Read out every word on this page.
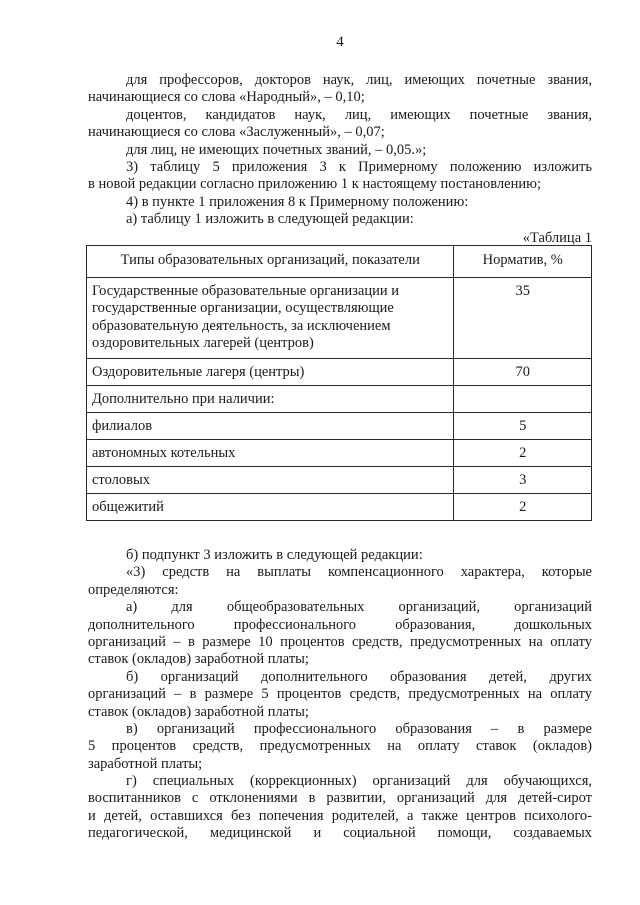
4
для профессоров, докторов наук, лиц, имеющих почетные звания,
начинающиеся со слова «Народный», – 0,10;
доцентов, кандидатов наук, лиц, имеющих почетные звания,
начинающиеся со слова «Заслуженный», – 0,07;
для лиц, не имеющих почетных званий, – 0,05.»;
3) таблицу 5 приложения 3 к Примерному положению изложить
в новой редакции согласно приложению 1 к настоящему постановлению;
4) в пункте 1 приложения 8 к Примерному положению:
а) таблицу 1 изложить в следующей редакции:
«Таблица 1
Типы образовательных организаций, показатели	Норматив, %

Государственные образовательные организации и
государственные организации, осуществляющие
образовательную деятельность, за исключением
оздоровительных лагерей (центров)	35

Оздоровительные лагеря (центры)	70

Дополнительно при наличии:	

филиалов	5

автономных котельных	2

столовых	3

общежитий	2
б) подпункт 3 изложить в следующей редакции:
«3) средств на выплаты компенсационного характера, которые
определяются:
а) для общеобразовательных организаций, организаций
дополнительного профессионального образования, дошкольных
организаций – в размере 10 процентов средств, предусмотренных на оплату
ставок (окладов) заработной платы;
б) организаций дополнительного образования детей, других
организаций – в размере 5 процентов средств, предусмотренных на оплату
ставок (окладов) заработной платы;
в) организаций профессионального образования – в размере
5 процентов средств, предусмотренных на оплату ставок (окладов)
заработной платы;
г) специальных (коррекционных) организаций для обучающихся,
воспитанников с отклонениями в развитии, организаций для детей-сирот
и детей, оставшихся без попечения родителей, а также центров психолого-
педагогической, медицинской и социальной помощи, создаваемых
